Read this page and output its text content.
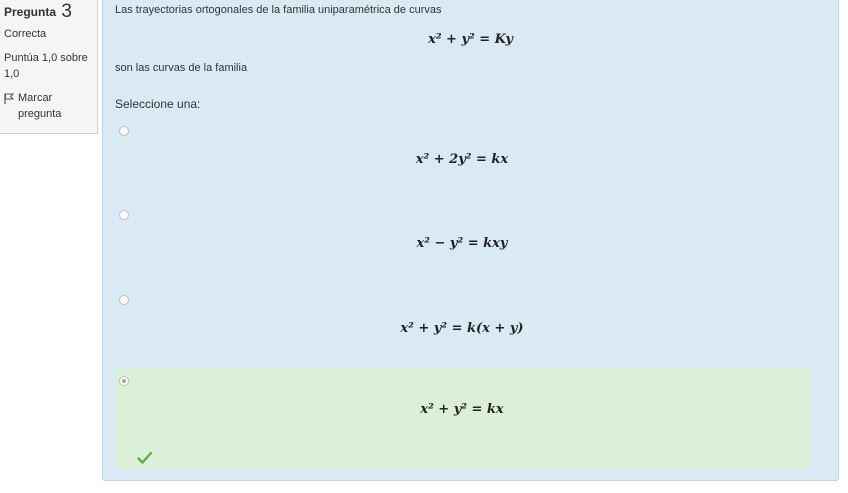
Pregunta 3
Correcta
Puntúa 1,0 sobre 1,0
Marcar pregunta
Las trayectorias ortogonales de la familia uniparamétrica de curvas
x² + y² = Ky
son las curvas de la familia
Seleccione una:
x² + 2y² = kx
x² − y² = kxy
x² + y² = k(x + y)
x² + y² = kx
